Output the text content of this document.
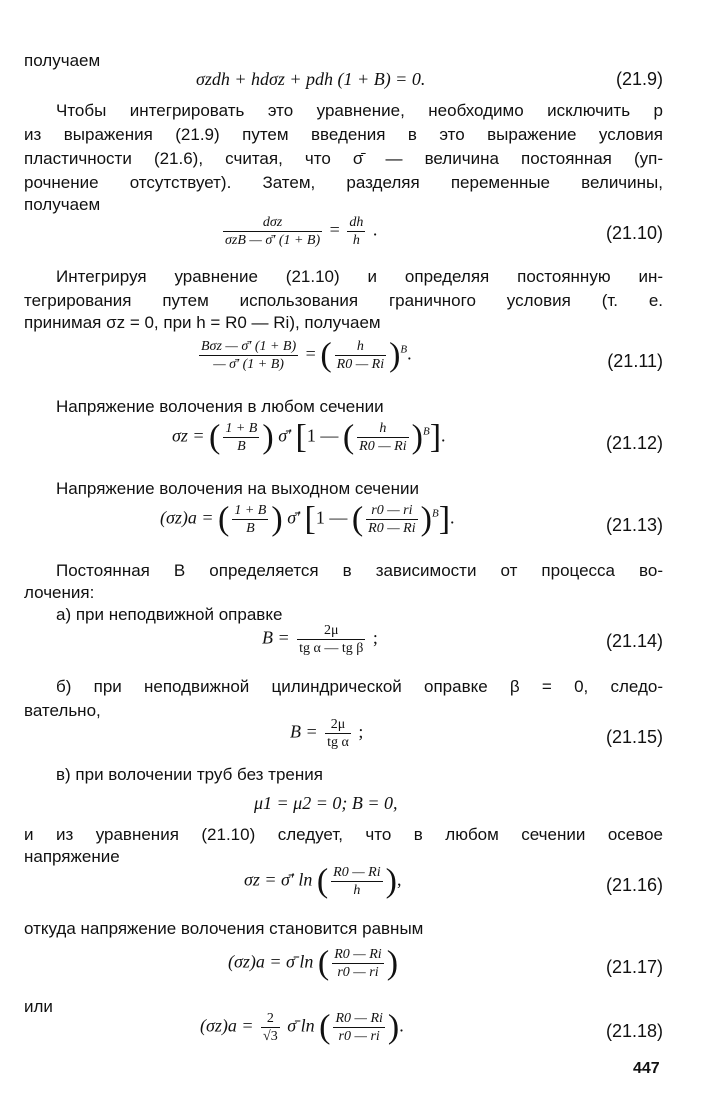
получаем
σzdh + hdσz + pdh (1 + B) = 0.	(21.9)
Чтобы интегрировать это уравнение, необходимо исключить p
из выражения (21.9) путем введения в это выражение условия
пластичности (21.6), считая, что σ̄ — величина постоянная (уп-
рочнение отсутствует). Затем, разделяя переменные величины,
получаем
$\frac{\text{dσz}}{\text{σzB — σ̄′ (1 + B)}} = \frac{dh}{h}$ .	(21.10)
Интегрируя уравнение (21.10) и определяя постоянную ин-
тегрирования путем использования граничного условия (т. е.
принимая σz = 0, при h = R0 — Ri), получаем
$\frac{\text{Bσz — σ̄′ (1 + B)}}{— \sigmā' (1 + B)}$ = ( $\frac{h}{R0 — Ri} )^B$.	(21.11)
Напряжение волочения в любом сечении
σz = ( $\frac{1 + B}{B}$ ) σ̄′ [1 — ( $\frac{h}{R0 — Ri} )^B$].	(21.12)
Напряжение волочения на выходном сечении
(σz)a = ( $\frac{1 + B}{B}$ ) σ̄′ [1 — ( $\frac{r0 — ri}{R0 — Ri} )^B$].	(21.13)
Постоянная B определяется в зависимости от процесса во-
лочения:
а) при неподвижной оправке
$B = \frac{2\mu}{\text{tg α — tg β}}$ ;	(21.14)
б) при неподвижной цилиндрической оправке β = 0, следо-
вательно,
$B = \frac{2\mu}{\text{tg α}}$ ;	(21.15)
в) при волочении труб без трения
μ1 = μ2 = 0; B = 0,
и из уравнения (21.10) следует, что в любом сечении осевое
напряжение
σz = σ̄′ ln ( $\frac{R0 — Ri}{h}$ ),	(21.16)
откуда напряжение волочения становится равным
(σz)a = σ̄ ln ( $\frac{R0 — Ri}{r0 — ri}$ )	(21.17)
или
$(\sigma z)a = \frac{2}{√3}$ σ̄ ln ( $\frac{R0 — Ri}{r0 — ri}$ ).	(21.18)
447
